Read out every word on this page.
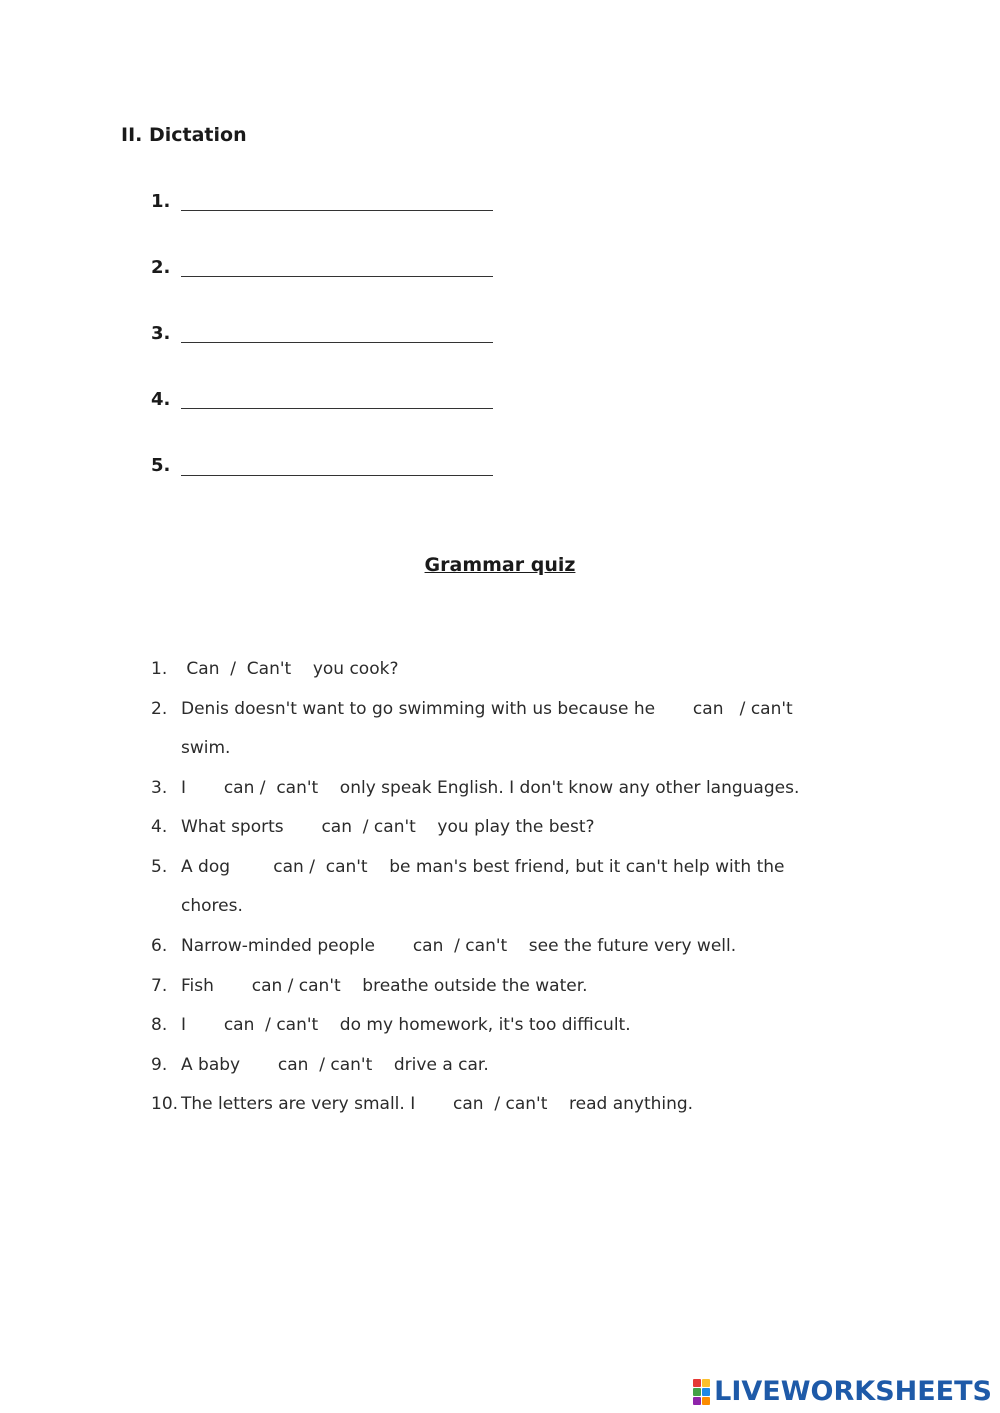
II. Dictation
1.
2.
3.
4.
5.
Grammar quiz
1. Can  /  Can't    you cook?
2. Denis doesn't want to go swimming with us because he       can   / can't
swim.
3. I       can /  can't    only speak English. I don't know any other languages.
4. What sports       can  / can't    you play the best?
5. A dog        can /  can't    be man's best friend, but it can't help with the
chores.
6. Narrow-minded people       can  / can't    see the future very well.
7. Fish       can / can't    breathe outside the water.
8. I       can  / can't    do my homework, it's too difficult.
9. A baby       can  / can't    drive a car.
10. The letters are very small. I       can  / can't    read anything.
LIVEWORKSHEETS
